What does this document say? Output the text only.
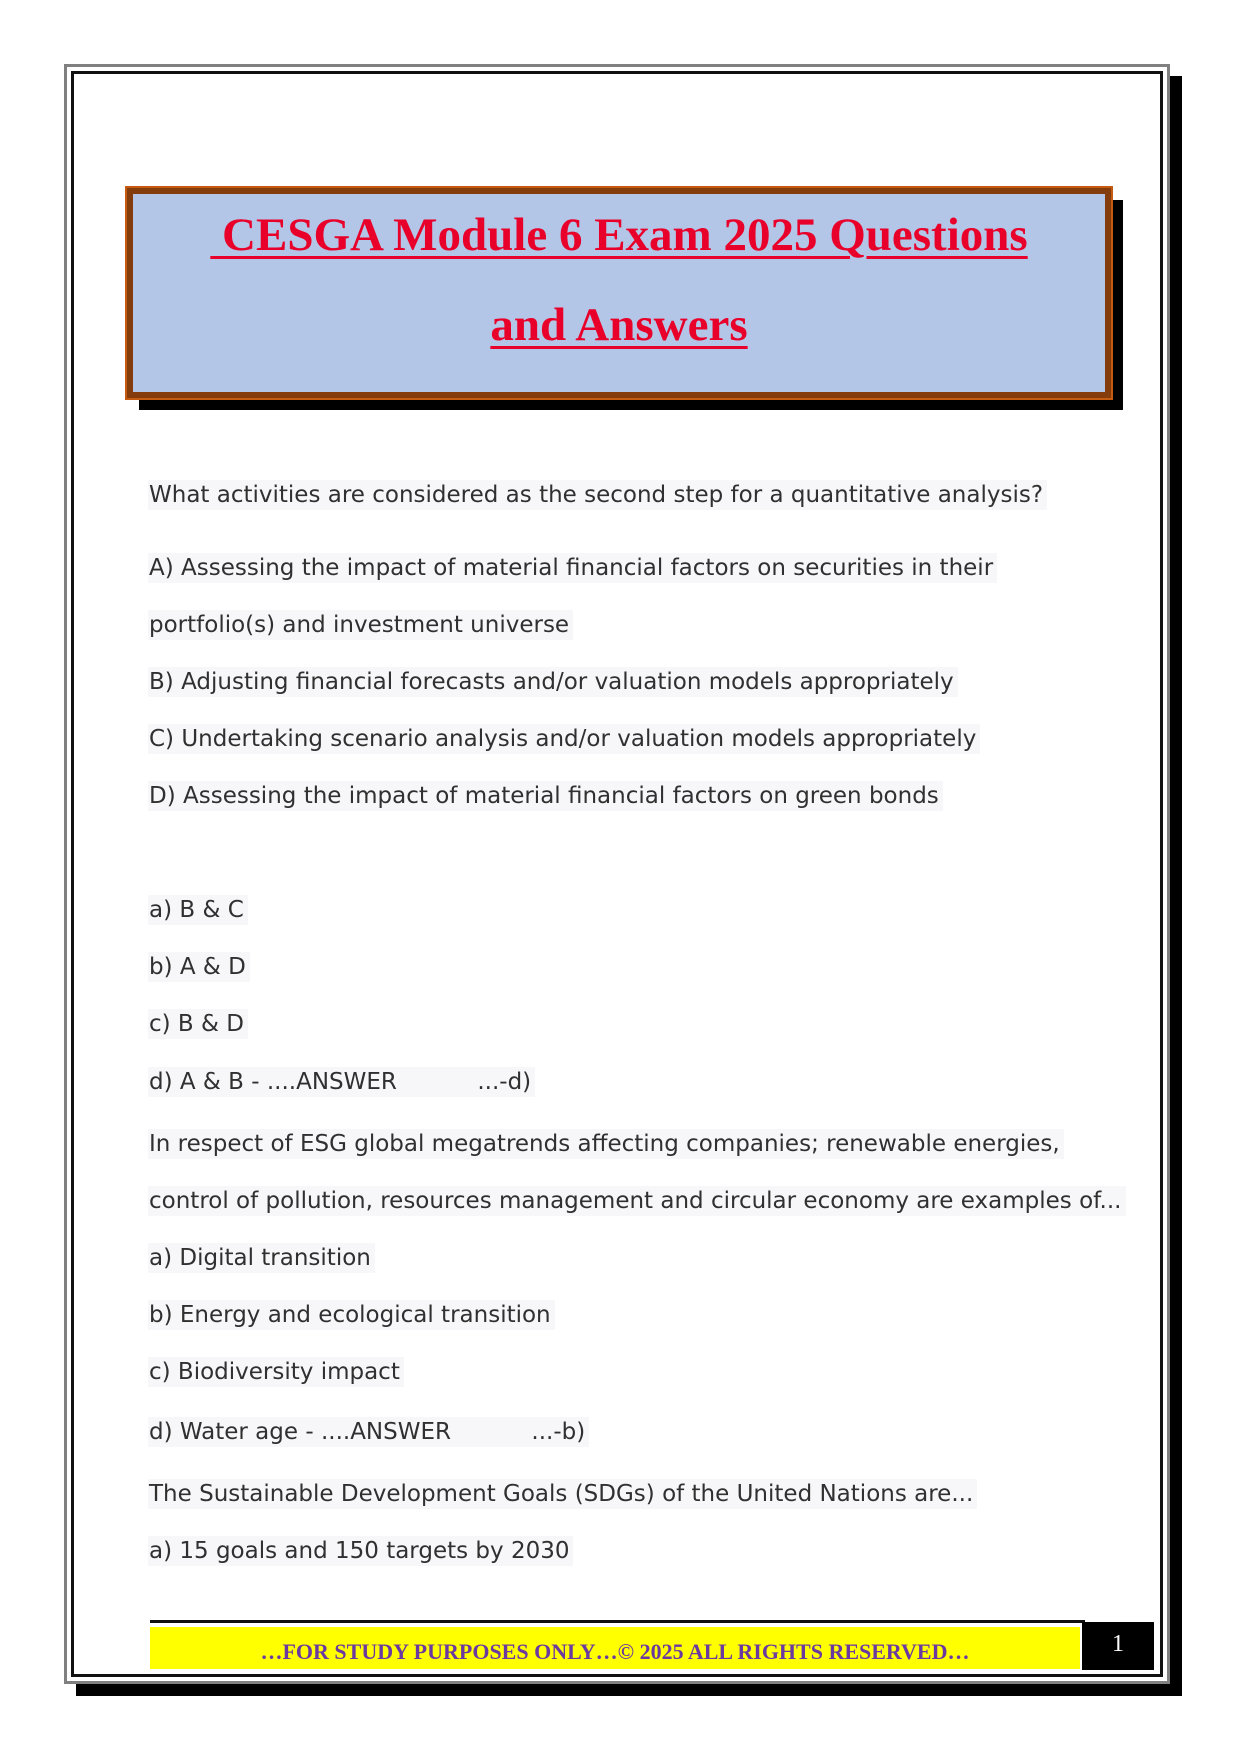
CESGA Module 6 Exam 2025 Questions
and Answers
What activities are considered as the second step for a quantitative analysis?
A) Assessing the impact of material financial factors on securities in their
portfolio(s) and investment universe
B) Adjusting financial forecasts and/or valuation models appropriately
C) Undertaking scenario analysis and/or valuation models appropriately
D) Assessing the impact of material financial factors on green bonds
a) B & C
b) A & D
c) B & D
d) A & B - ....ANSWER           ...-d)
In respect of ESG global megatrends affecting companies; renewable energies,
control of pollution, resources management and circular economy are examples of...
a) Digital transition
b) Energy and ecological transition
c) Biodiversity impact
d) Water age - ....ANSWER           ...-b)
The Sustainable Development Goals (SDGs) of the United Nations are...
a) 15 goals and 150 targets by 2030
…FOR STUDY PURPOSES ONLY…© 2025 ALL RIGHTS RESERVED…	1
